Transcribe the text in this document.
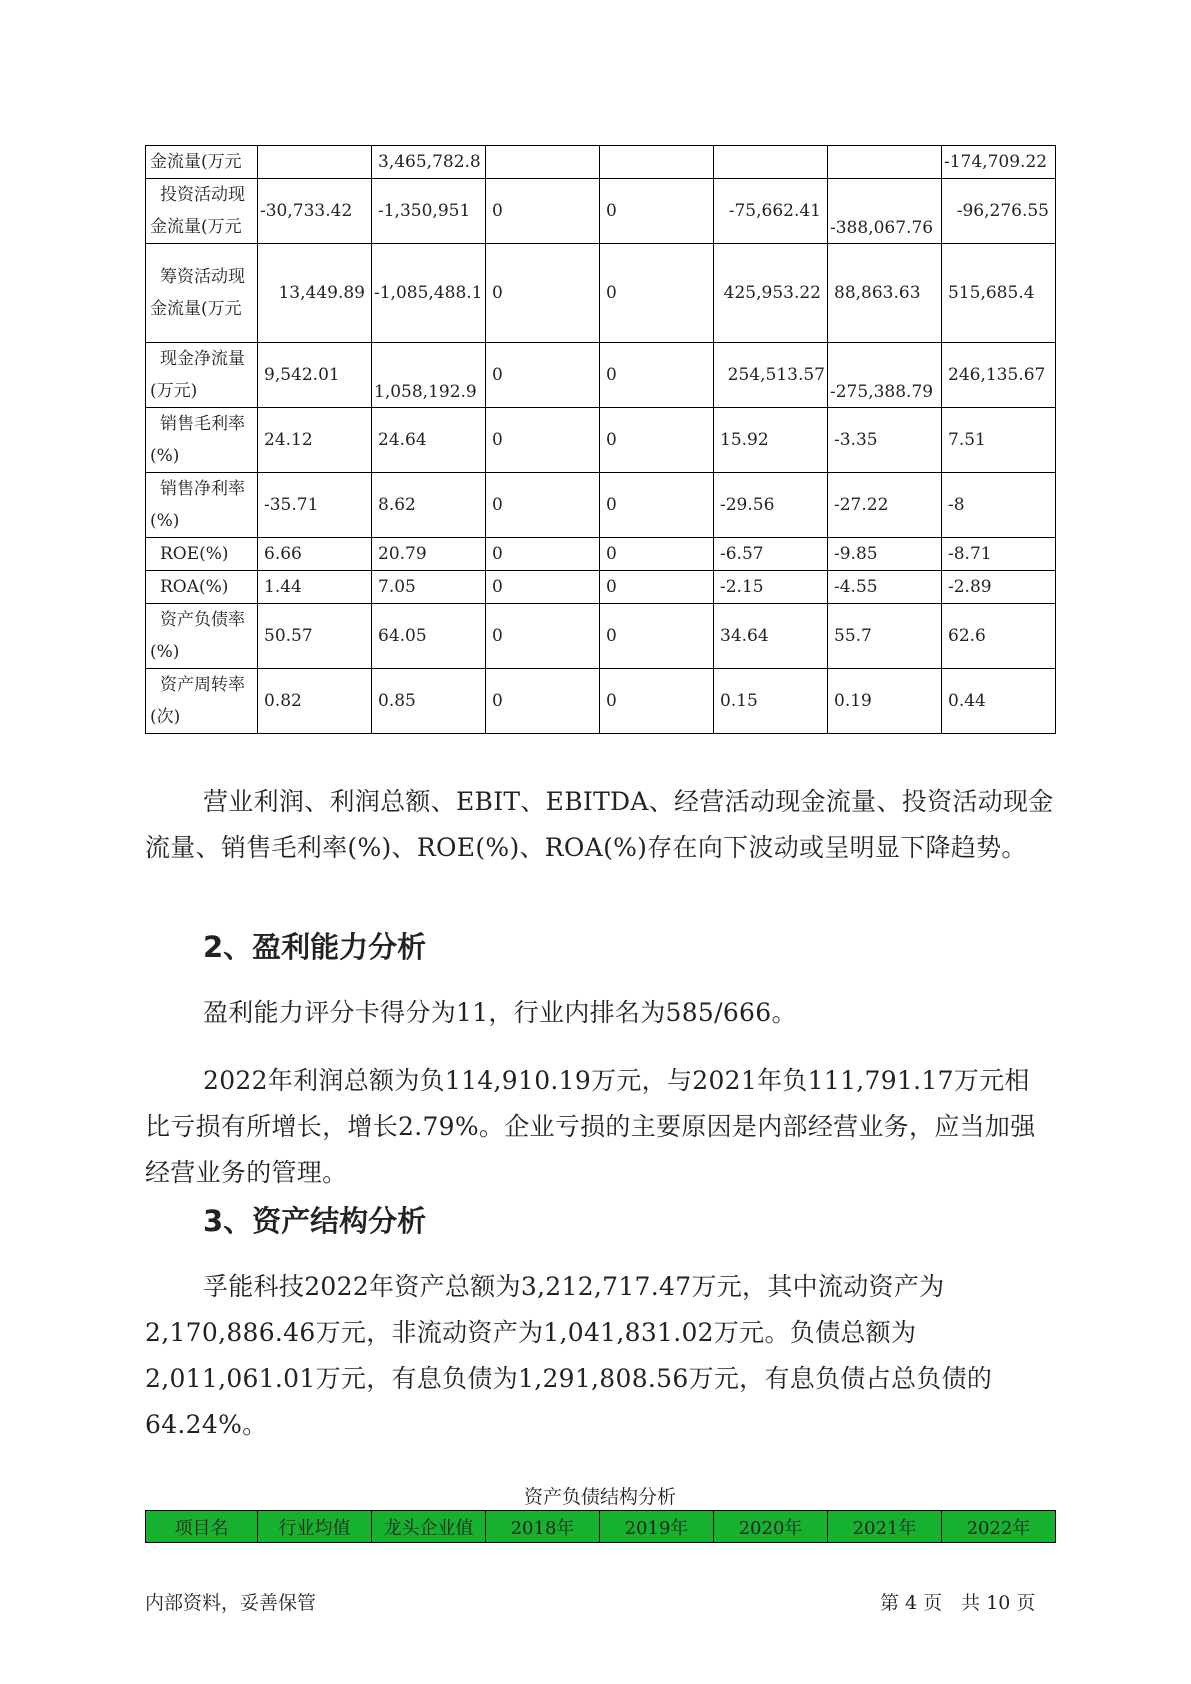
金流量(万元		3,465,782.8					-174,709.22
投资活动现金流量(万元	-30,733.42	-1,350,951	0	0	-75,662.41	-388,067.76	-96,276.55
筹资活动现金流量(万元	13,449.89	-1,085,488.1	0	0	425,953.22	88,863.63	515,685.4
现金净流量(万元)	9,542.01	1,058,192.9	0	0	254,513.57	-275,388.79	246,135.67
销售毛利率(%)	24.12	24.64	0	0	15.92	-3.35	7.51
销售净利率(%)	-35.71	8.62	0	0	-29.56	-27.22	-8
ROE(%)	6.66	20.79	0	0	-6.57	-9.85	-8.71
ROA(%)	1.44	7.05	0	0	-2.15	-4.55	-2.89
资产负债率(%)	50.57	64.05	0	0	34.64	55.7	62.6
资产周转率(次)	0.82	0.85	0	0	0.15	0.19	0.44

营业利润、利润总额、EBIT、EBITDA、经营活动现金流量、投资活动现金流量、销售毛利率(%)、ROE(%)、ROA(%)存在向下波动或呈明显下降趋势。

2、盈利能力分析

盈利能力评分卡得分为11，行业内排名为585/666。

2022年利润总额为负114,910.19万元，与2021年负111,791.17万元相比亏损有所增长，增长2.79%。企业亏损的主要原因是内部经营业务，应当加强经营业务的管理。

3、资产结构分析

孚能科技2022年资产总额为3,212,717.47万元，其中流动资产为2,170,886.46万元，非流动资产为1,041,831.02万元。负债总额为2,011,061.01万元，有息负债为1,291,808.56万元，有息负债占总负债的64.24%。

资产负债结构分析
项目名	行业均值	龙头企业值	2018年	2019年	2020年	2021年	2022年
内部资料，妥善保管	第 4 页　共 10 页
